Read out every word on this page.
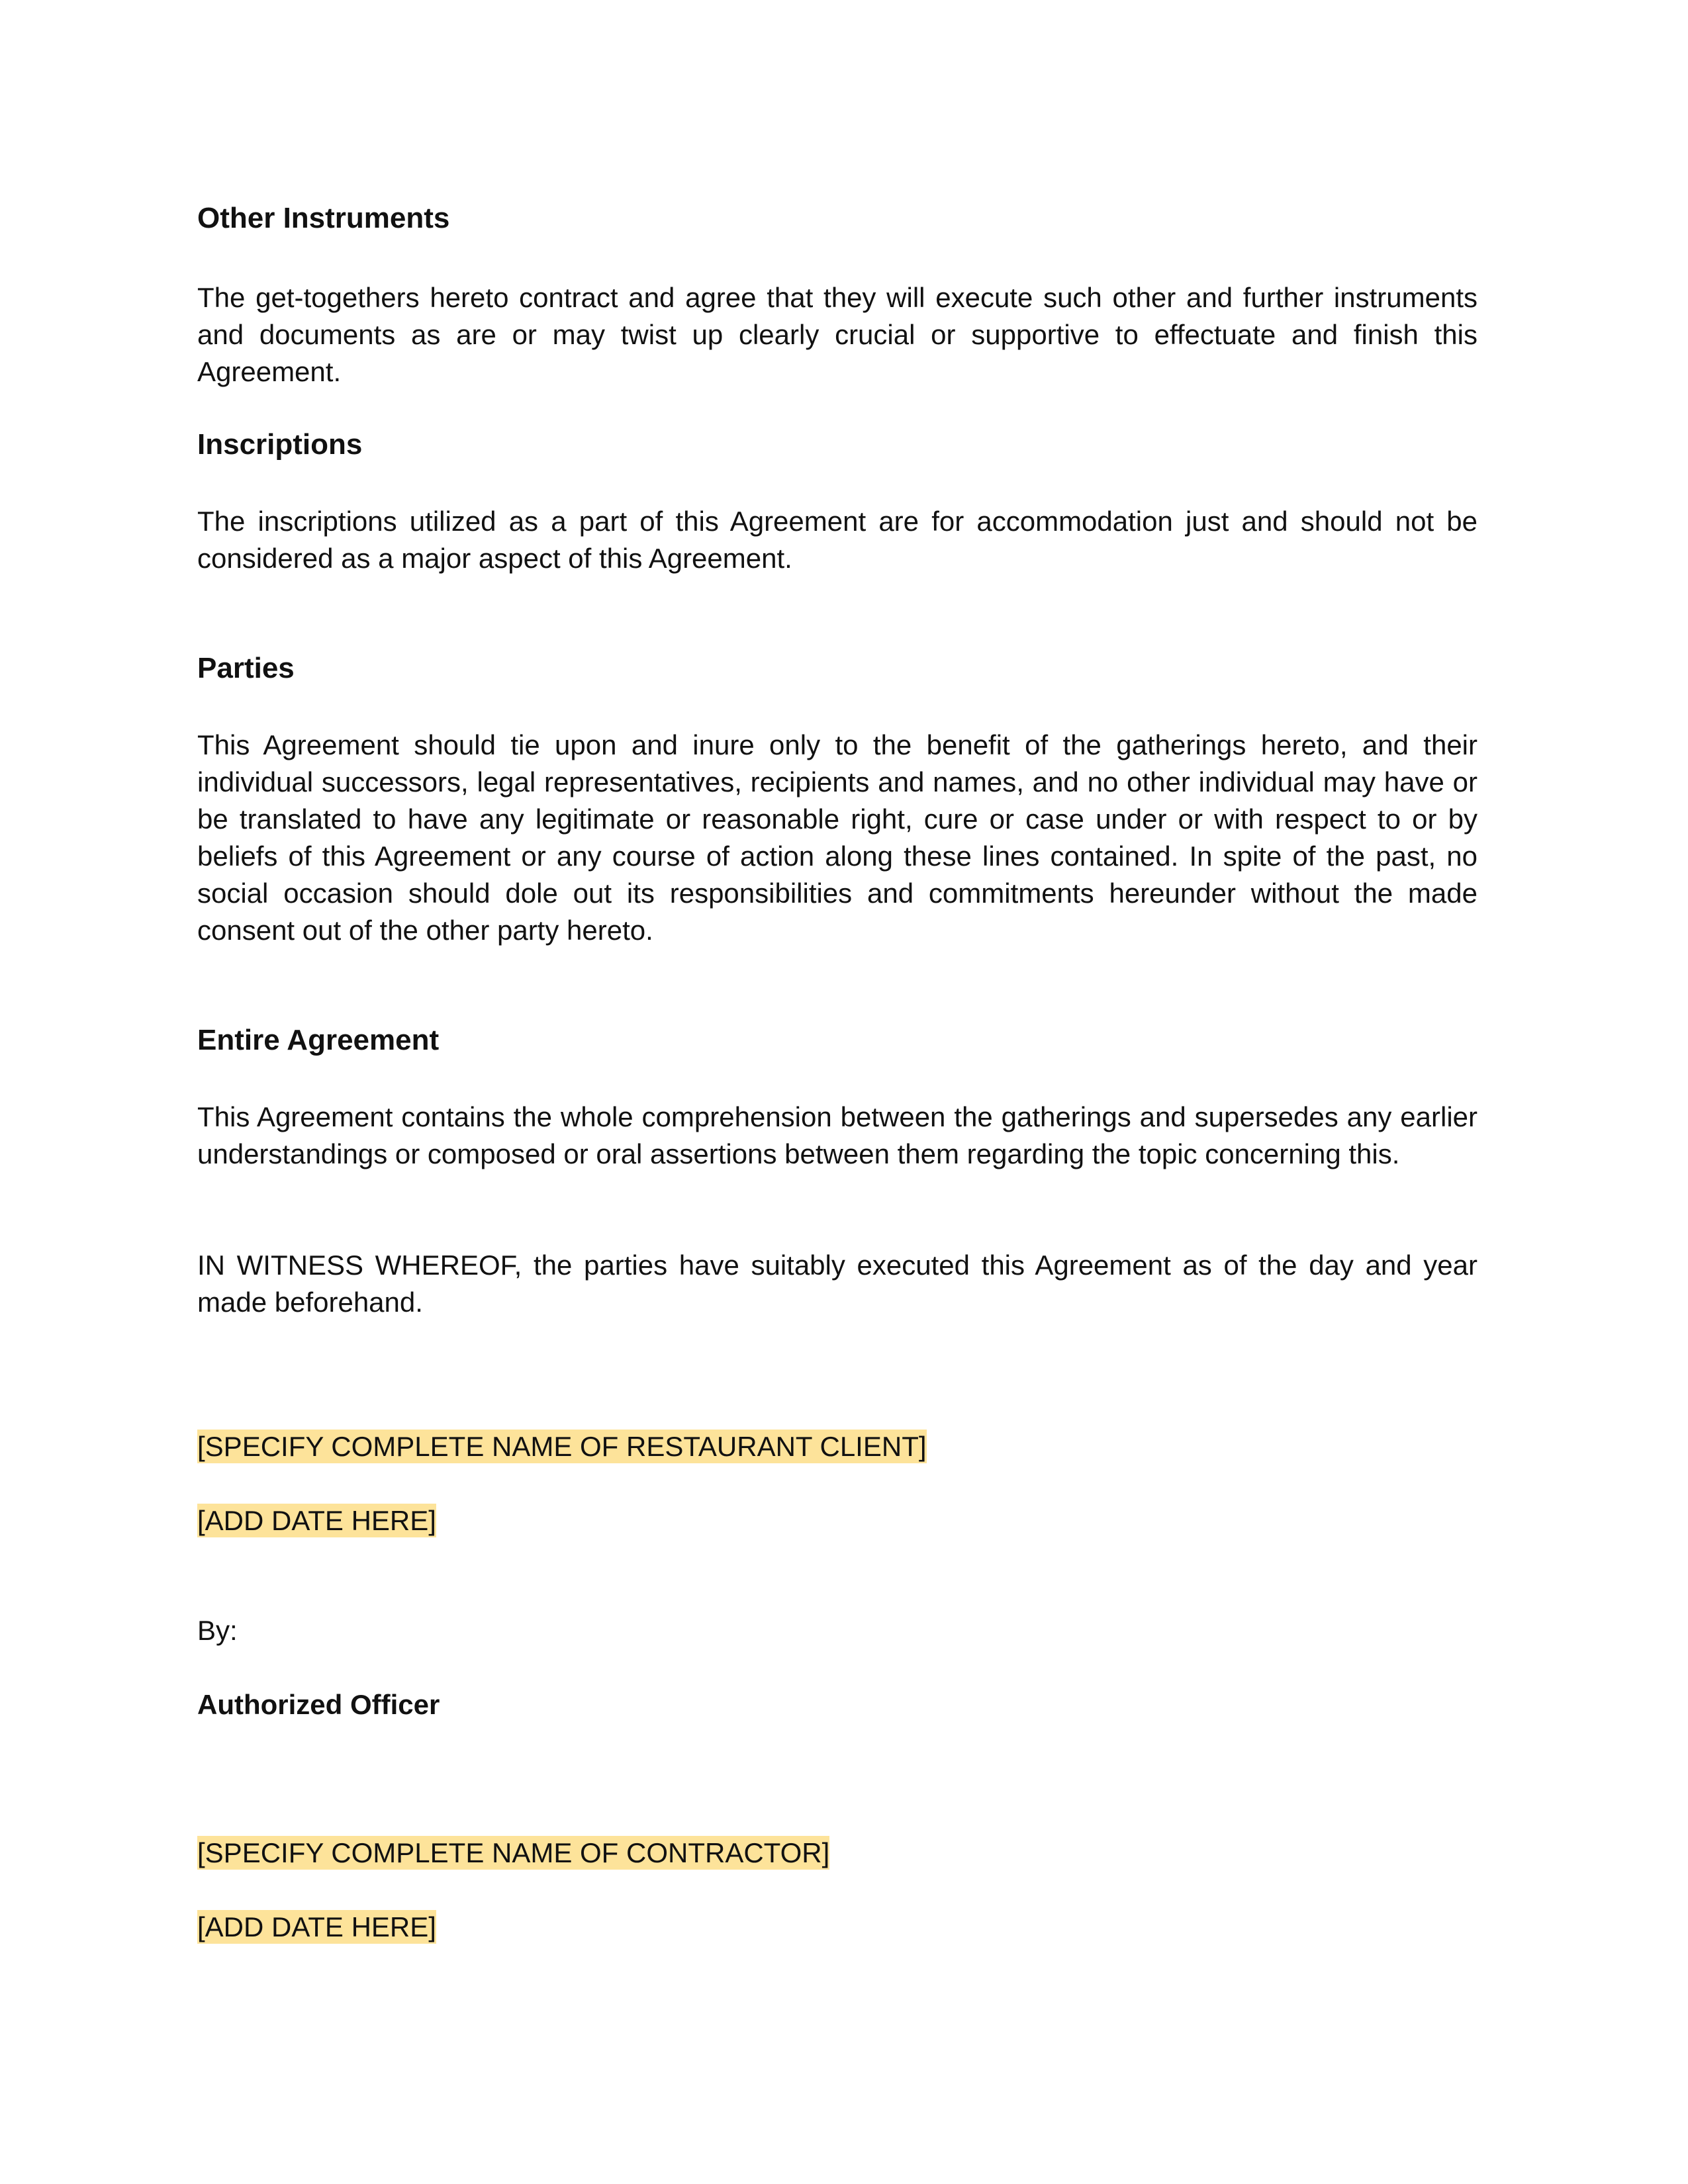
Other Instruments

The get-togethers hereto contract and agree that they will execute such other and further instruments and documents as are or may twist up clearly crucial or supportive to effectuate and finish this Agreement.

Inscriptions

The inscriptions utilized as a part of this Agreement are for accommodation just and should not be considered as a major aspect of this Agreement.

Parties

This Agreement should tie upon and inure only to the benefit of the gatherings hereto, and their individual successors, legal representatives, recipients and names, and no other individual may have or be translated to have any legitimate or reasonable right, cure or case under or with respect to or by beliefs of this Agreement or any course of action along these lines contained. In spite of the past, no social occasion should dole out its responsibilities and commitments hereunder without the made consent out of the other party hereto.

Entire Agreement

This Agreement contains the whole comprehension between the gatherings and supersedes any earlier understandings or composed or oral assertions between them regarding the topic concerning this.

IN WITNESS WHEREOF, the parties have suitably executed this Agreement as of the day and year made beforehand.

[SPECIFY COMPLETE NAME OF RESTAURANT CLIENT]

[ADD DATE HERE]

By:

Authorized Officer

[SPECIFY COMPLETE NAME OF CONTRACTOR]

[ADD DATE HERE]
